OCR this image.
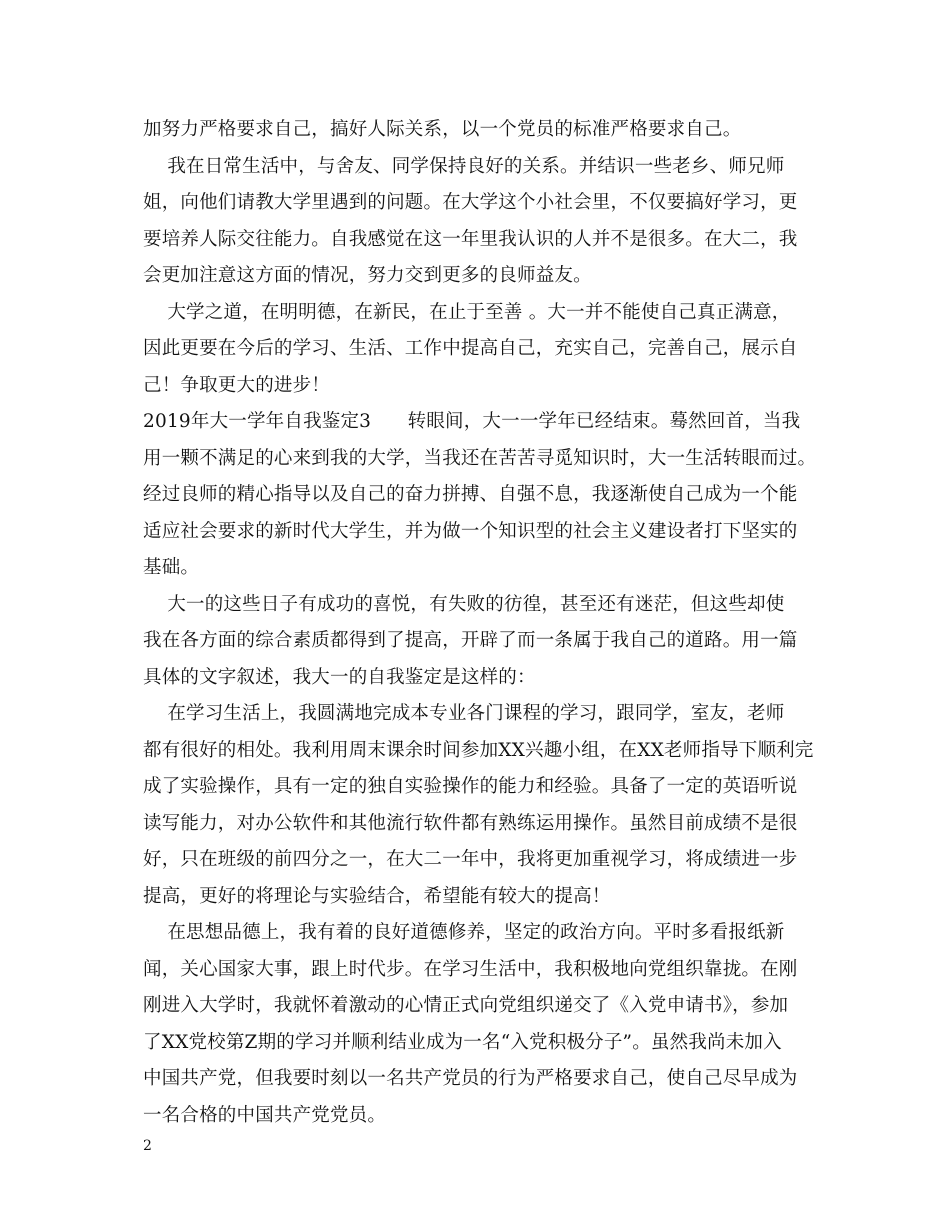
加努力严格要求自己，搞好人际关系，以一个党员的标准严格要求自己。
我在日常生活中，与舍友、同学保持良好的关系。并结识一些老乡、师兄师
姐，向他们请教大学里遇到的问题。在大学这个小社会里，不仅要搞好学习，更
要培养人际交往能力。自我感觉在这一年里我认识的人并不是很多。在大二，我
会更加注意这方面的情况，努力交到更多的良师益友。
大学之道，在明明德，在新民，在止于至善 。大一并不能使自己真正满意，
因此更要在今后的学习、生活、工作中提高自己，充实自己，完善自己，展示自
己！争取更大的进步！
2019年大一学年自我鉴定3      转眼间，大一一学年已经结束。蓦然回首，当我
用一颗不满足的心来到我的大学，当我还在苦苦寻觅知识时，大一生活转眼而过。
经过良师的精心指导以及自己的奋力拼搏、自强不息，我逐渐使自己成为一个能
适应社会要求的新时代大学生，并为做一个知识型的社会主义建设者打下坚实的
基础。
大一的这些日子有成功的喜悦，有失败的彷徨，甚至还有迷茫，但这些却使
我在各方面的综合素质都得到了提高，开辟了而一条属于我自己的道路。用一篇
具体的文字叙述，我大一的自我鉴定是这样的：
在学习生活上，我圆满地完成本专业各门课程的学习，跟同学，室友，老师
都有很好的相处。我利用周末课余时间参加XX兴趣小组，在XX老师指导下顺利完
成了实验操作，具有一定的独自实验操作的能力和经验。具备了一定的英语听说
读写能力，对办公软件和其他流行软件都有熟练运用操作。虽然目前成绩不是很
好，只在班级的前四分之一，在大二一年中，我将更加重视学习，将成绩进一步
提高，更好的将理论与实验结合，希望能有较大的提高！
在思想品德上，我有着的良好道德修养，坚定的政治方向。平时多看报纸新
闻，关心国家大事，跟上时代步。在学习生活中，我积极地向党组织靠拢。在刚
刚进入大学时，我就怀着激动的心情正式向党组织递交了《入党申请书》，参加
了XX党校第Z期的学习并顺利结业成为一名“入党积极分子”。虽然我尚未加入
中国共产党，但我要时刻以一名共产党员的行为严格要求自己，使自己尽早成为
一名合格的中国共产党党员。
2
